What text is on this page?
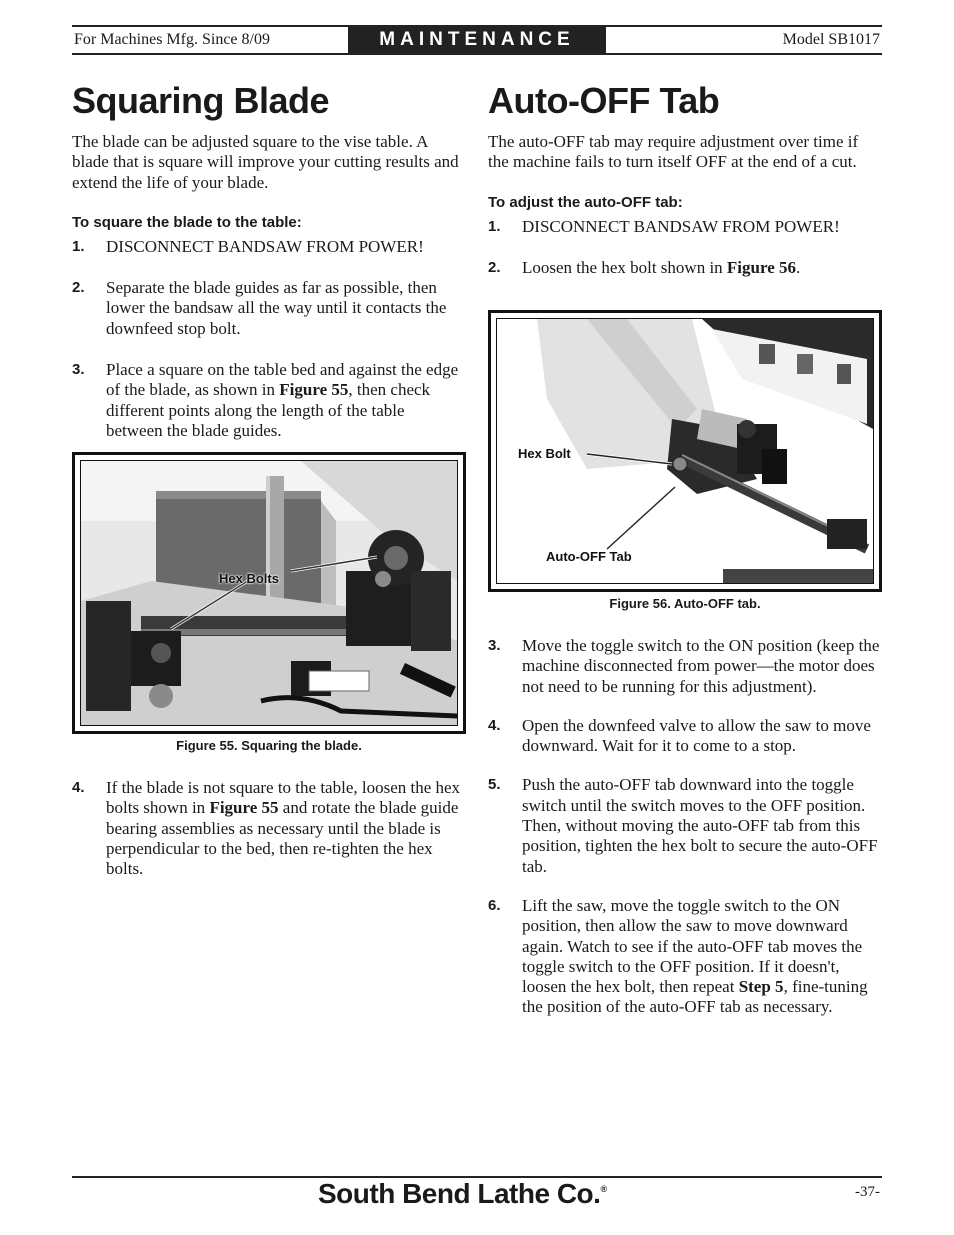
For Machines Mfg. Since 8/09	MAINTENANCE	Model SB1017
Squaring Blade

The blade can be adjusted square to the vise table. A blade that is square will improve your cutting results and extend the life of your blade.

To square the blade to the table:
1.	DISCONNECT BANDSAW FROM POWER!
2.	Separate the blade guides as far as possible, then lower the bandsaw all the way until it contacts the downfeed stop bolt.
3.	Place a square on the table bed and against the edge of the blade, as shown in Figure 55, then check different points along the length of the table between the blade guides.
Hex Bolts
Figure 55. Squaring the blade.
4.	If the blade is not square to the table, loosen the hex bolts shown in Figure 55 and rotate the blade guide bearing assemblies as necessary until the blade is perpendicular to the bed, then re-tighten the hex bolts.
Auto-OFF Tab

The auto-OFF tab may require adjustment over time if the machine fails to turn itself OFF at the end of a cut.

To adjust the auto-OFF tab:
1.	DISCONNECT BANDSAW FROM POWER!
2.	Loosen the hex bolt shown in Figure 56.
Hex Bolt
Auto-OFF Tab
Figure 56. Auto-OFF tab.
3.	Move the toggle switch to the ON position (keep the machine disconnected from power—the motor does not need to be running for this adjustment).
4.	Open the downfeed valve to allow the saw to move downward. Wait for it to come to a stop.
5.	Push the auto-OFF tab downward into the toggle switch until the switch moves to the OFF position. Then, without moving the auto-OFF tab from this position, tighten the hex bolt to secure the auto-OFF tab.
6.	Lift the saw, move the toggle switch to the ON position, then allow the saw to move downward again. Watch to see if the auto-OFF tab moves the toggle switch to the OFF position. If it doesn't, loosen the hex bolt, then repeat Step 5, fine-tuning the position of the auto-OFF tab as necessary.
South Bend Lathe Co.®	-37-
